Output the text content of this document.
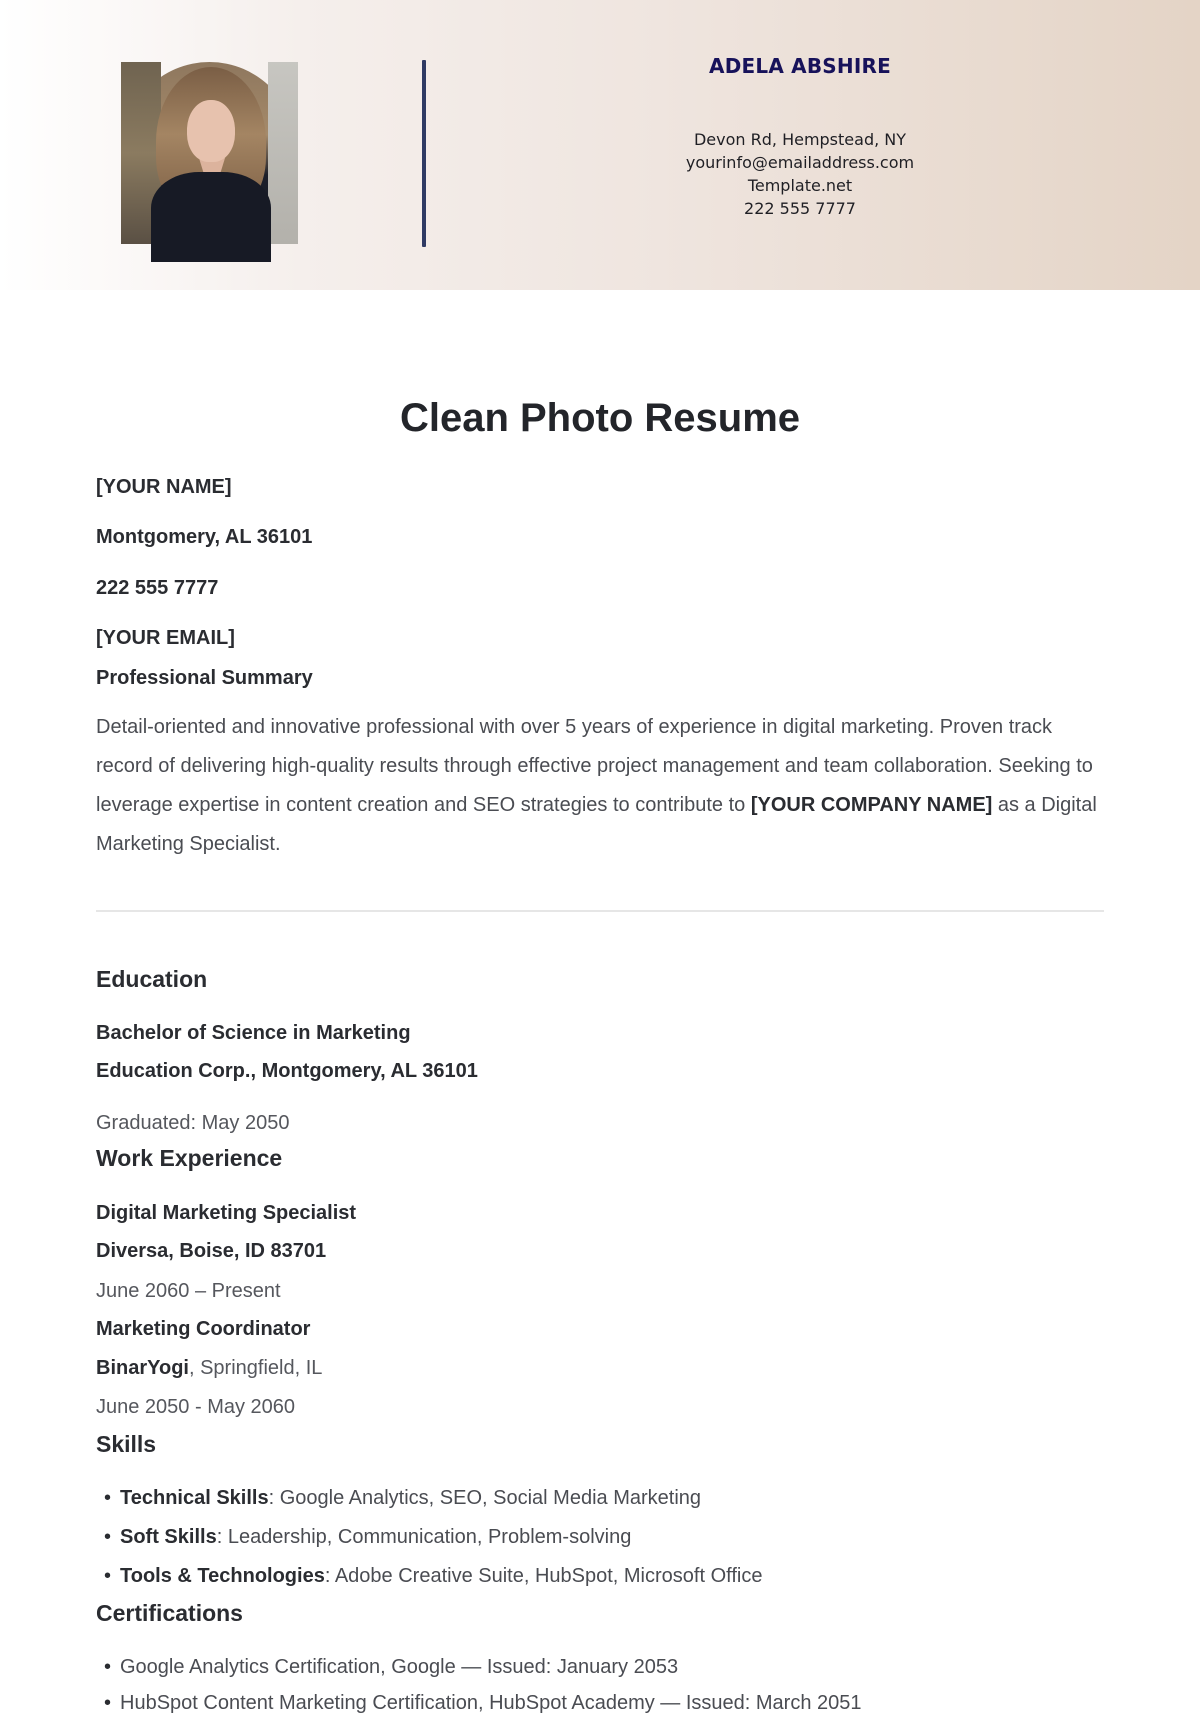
ADELA ABSHIRE
Devon Rd, Hempstead, NY
yourinfo@emailaddress.com
Template.net
222 555 7777
Clean Photo Resume
[YOUR NAME]
Montgomery, AL 36101
222 555 7777
[YOUR EMAIL]
Professional Summary

Detail-oriented and innovative professional with over 5 years of experience in digital marketing. Proven track record of delivering high-quality results through effective project management and team collaboration. Seeking to leverage expertise in content creation and SEO strategies to contribute to [YOUR COMPANY NAME] as a Digital Marketing Specialist.

Education
Bachelor of Science in Marketing
Education Corp., Montgomery, AL 36101
Graduated: May 2050
Work Experience
Digital Marketing Specialist
Diversa, Boise, ID 83701
June 2060 – Present
Marketing Coordinator
BinarYogi, Springfield, IL
June 2050 - May 2060
Skills
• Technical Skills: Google Analytics, SEO, Social Media Marketing
• Soft Skills: Leadership, Communication, Problem-solving
• Tools & Technologies: Adobe Creative Suite, HubSpot, Microsoft Office
Certifications
• Google Analytics Certification, Google — Issued: January 2053
• HubSpot Content Marketing Certification, HubSpot Academy — Issued: March 2051
